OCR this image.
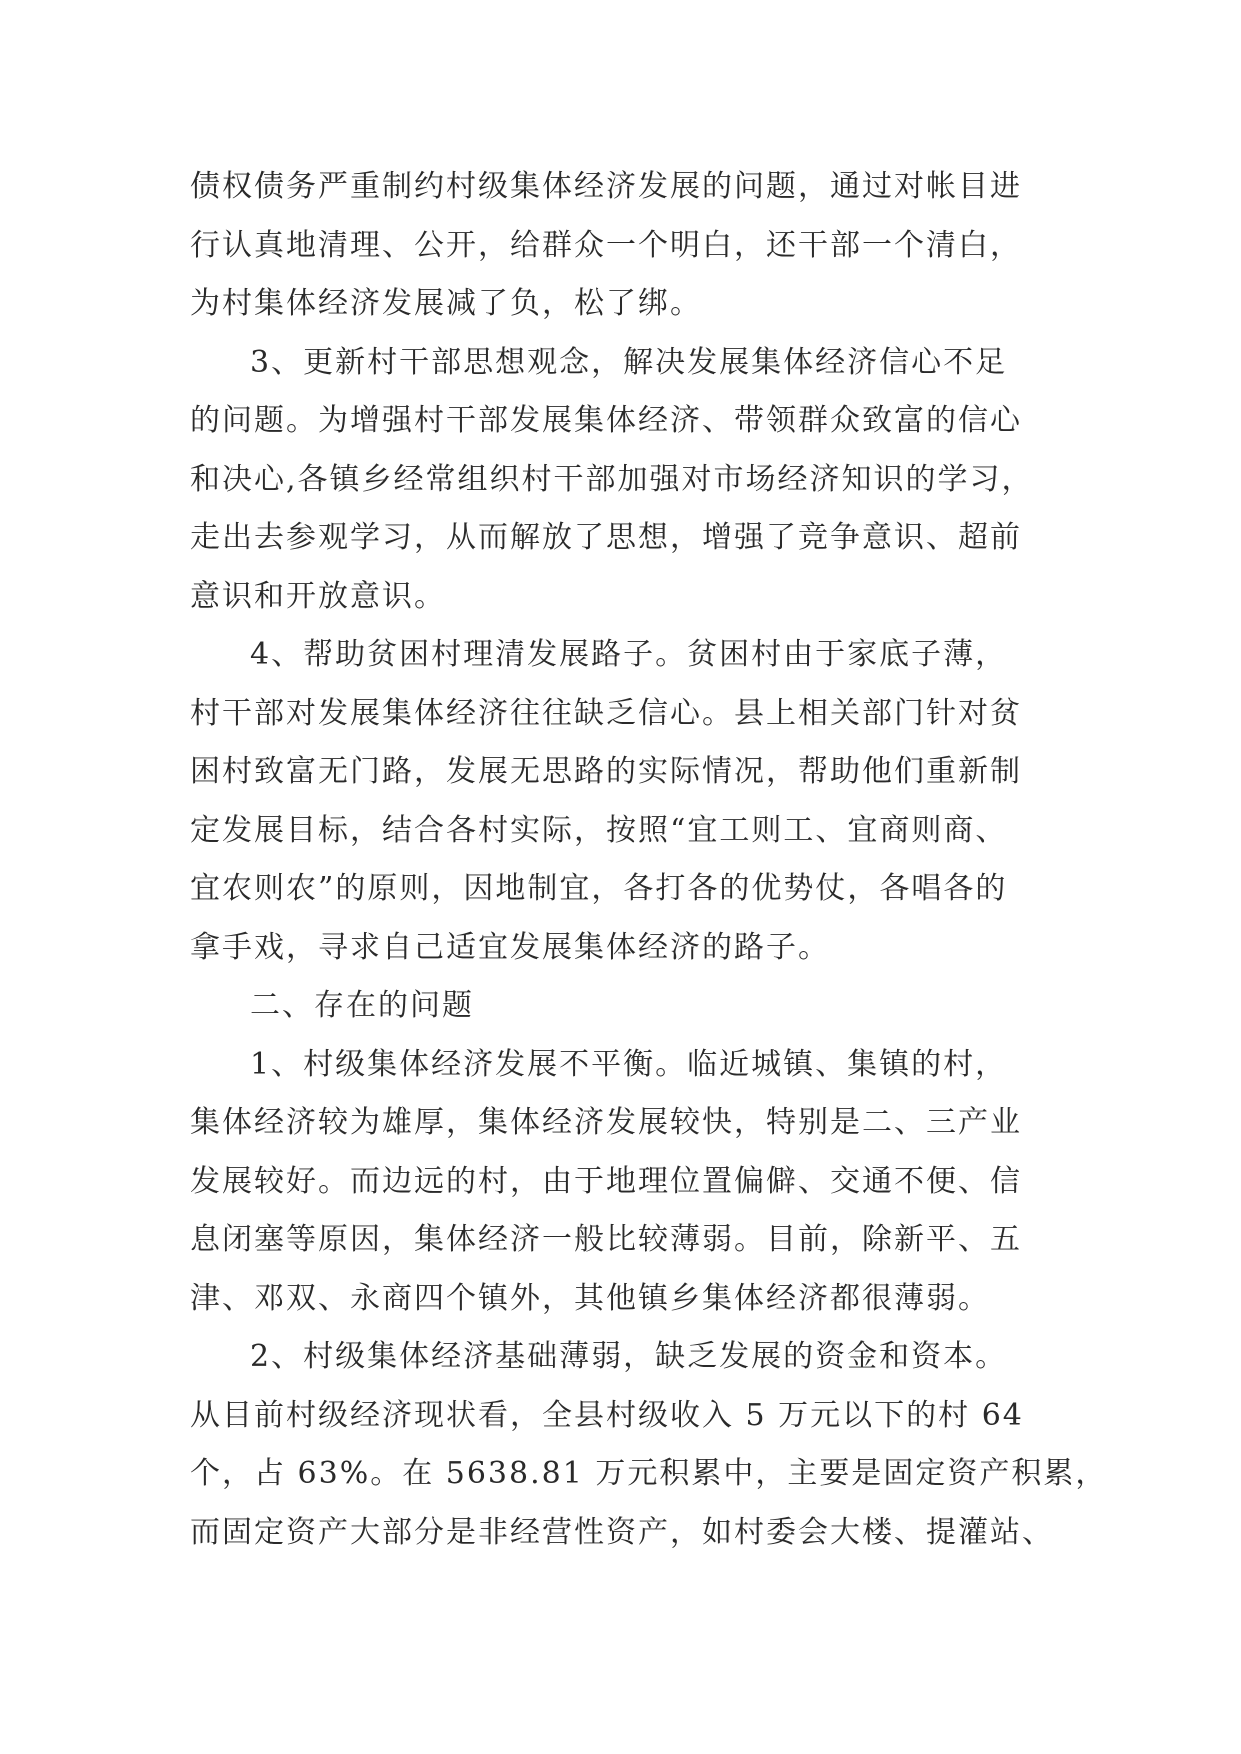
债权债务严重制约村级集体经济发展的问题，通过对帐目进
行认真地清理、公开，给群众一个明白，还干部一个清白，
为村集体经济发展减了负，松了绑。
3、更新村干部思想观念，解决发展集体经济信心不足
的问题。为增强村干部发展集体经济、带领群众致富的信心
和决心,各镇乡经常组织村干部加强对市场经济知识的学习，
走出去参观学习，从而解放了思想，增强了竞争意识、超前
意识和开放意识。
4、帮助贫困村理清发展路子。贫困村由于家底子薄，
村干部对发展集体经济往往缺乏信心。县上相关部门针对贫
困村致富无门路，发展无思路的实际情况，帮助他们重新制
定发展目标，结合各村实际，按照“宜工则工、宜商则商、
宜农则农”的原则，因地制宜，各打各的优势仗，各唱各的
拿手戏，寻求自己适宜发展集体经济的路子。
二、存在的问题
1、村级集体经济发展不平衡。临近城镇、集镇的村，
集体经济较为雄厚，集体经济发展较快，特别是二、三产业
发展较好。而边远的村，由于地理位置偏僻、交通不便、信
息闭塞等原因，集体经济一般比较薄弱。目前，除新平、五
津、邓双、永商四个镇外，其他镇乡集体经济都很薄弱。
2、村级集体经济基础薄弱，缺乏发展的资金和资本。
从目前村级经济现状看，全县村级收入 5 万元以下的村 64
个，占 63%。在 5638.81 万元积累中，主要是固定资产积累，
而固定资产大部分是非经营性资产，如村委会大楼、提灌站、
